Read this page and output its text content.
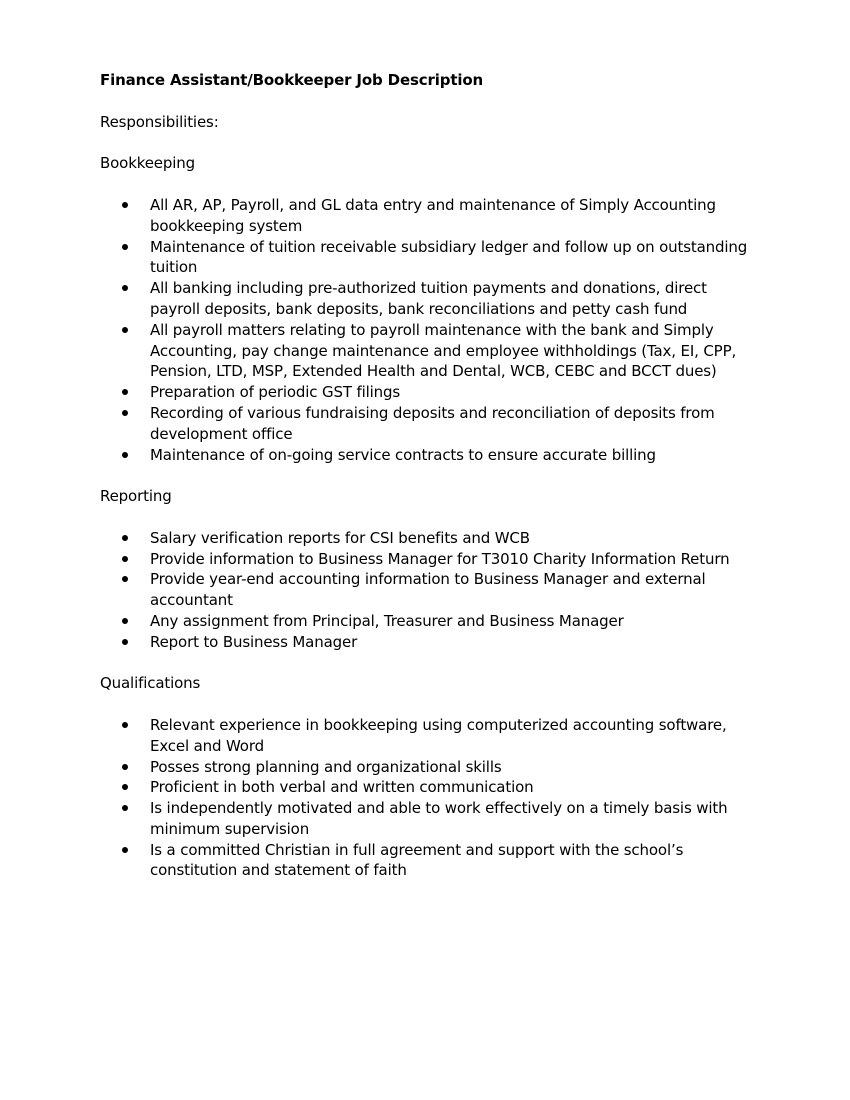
Finance Assistant/Bookkeeper Job Description

Responsibilities:

Bookkeeping

All AR, AP, Payroll, and GL data entry and maintenance of Simply Accounting bookkeeping system
Maintenance of tuition receivable subsidiary ledger and follow up on outstanding tuition
All banking including pre-authorized tuition payments and donations, direct payroll deposits, bank deposits, bank reconciliations and petty cash fund
All payroll matters relating to payroll maintenance with the bank and Simply Accounting, pay change maintenance and employee withholdings (Tax, EI, CPP, Pension, LTD, MSP, Extended Health and Dental, WCB, CEBC and BCCT dues)
Preparation of periodic GST filings
Recording of various fundraising deposits and reconciliation of deposits from development office
Maintenance of on-going service contracts to ensure accurate billing

Reporting

Salary verification reports for CSI benefits and WCB
Provide information to Business Manager for T3010 Charity Information Return
Provide year-end accounting information to Business Manager and external accountant
Any assignment from Principal, Treasurer and Business Manager
Report to Business Manager

Qualifications

Relevant experience in bookkeeping using computerized accounting software, Excel and Word
Posses strong planning and organizational skills
Proficient in both verbal and written communication
Is independently motivated and able to work effectively on a timely basis with minimum supervision
Is a committed Christian in full agreement and support with the school’s constitution and statement of faith
